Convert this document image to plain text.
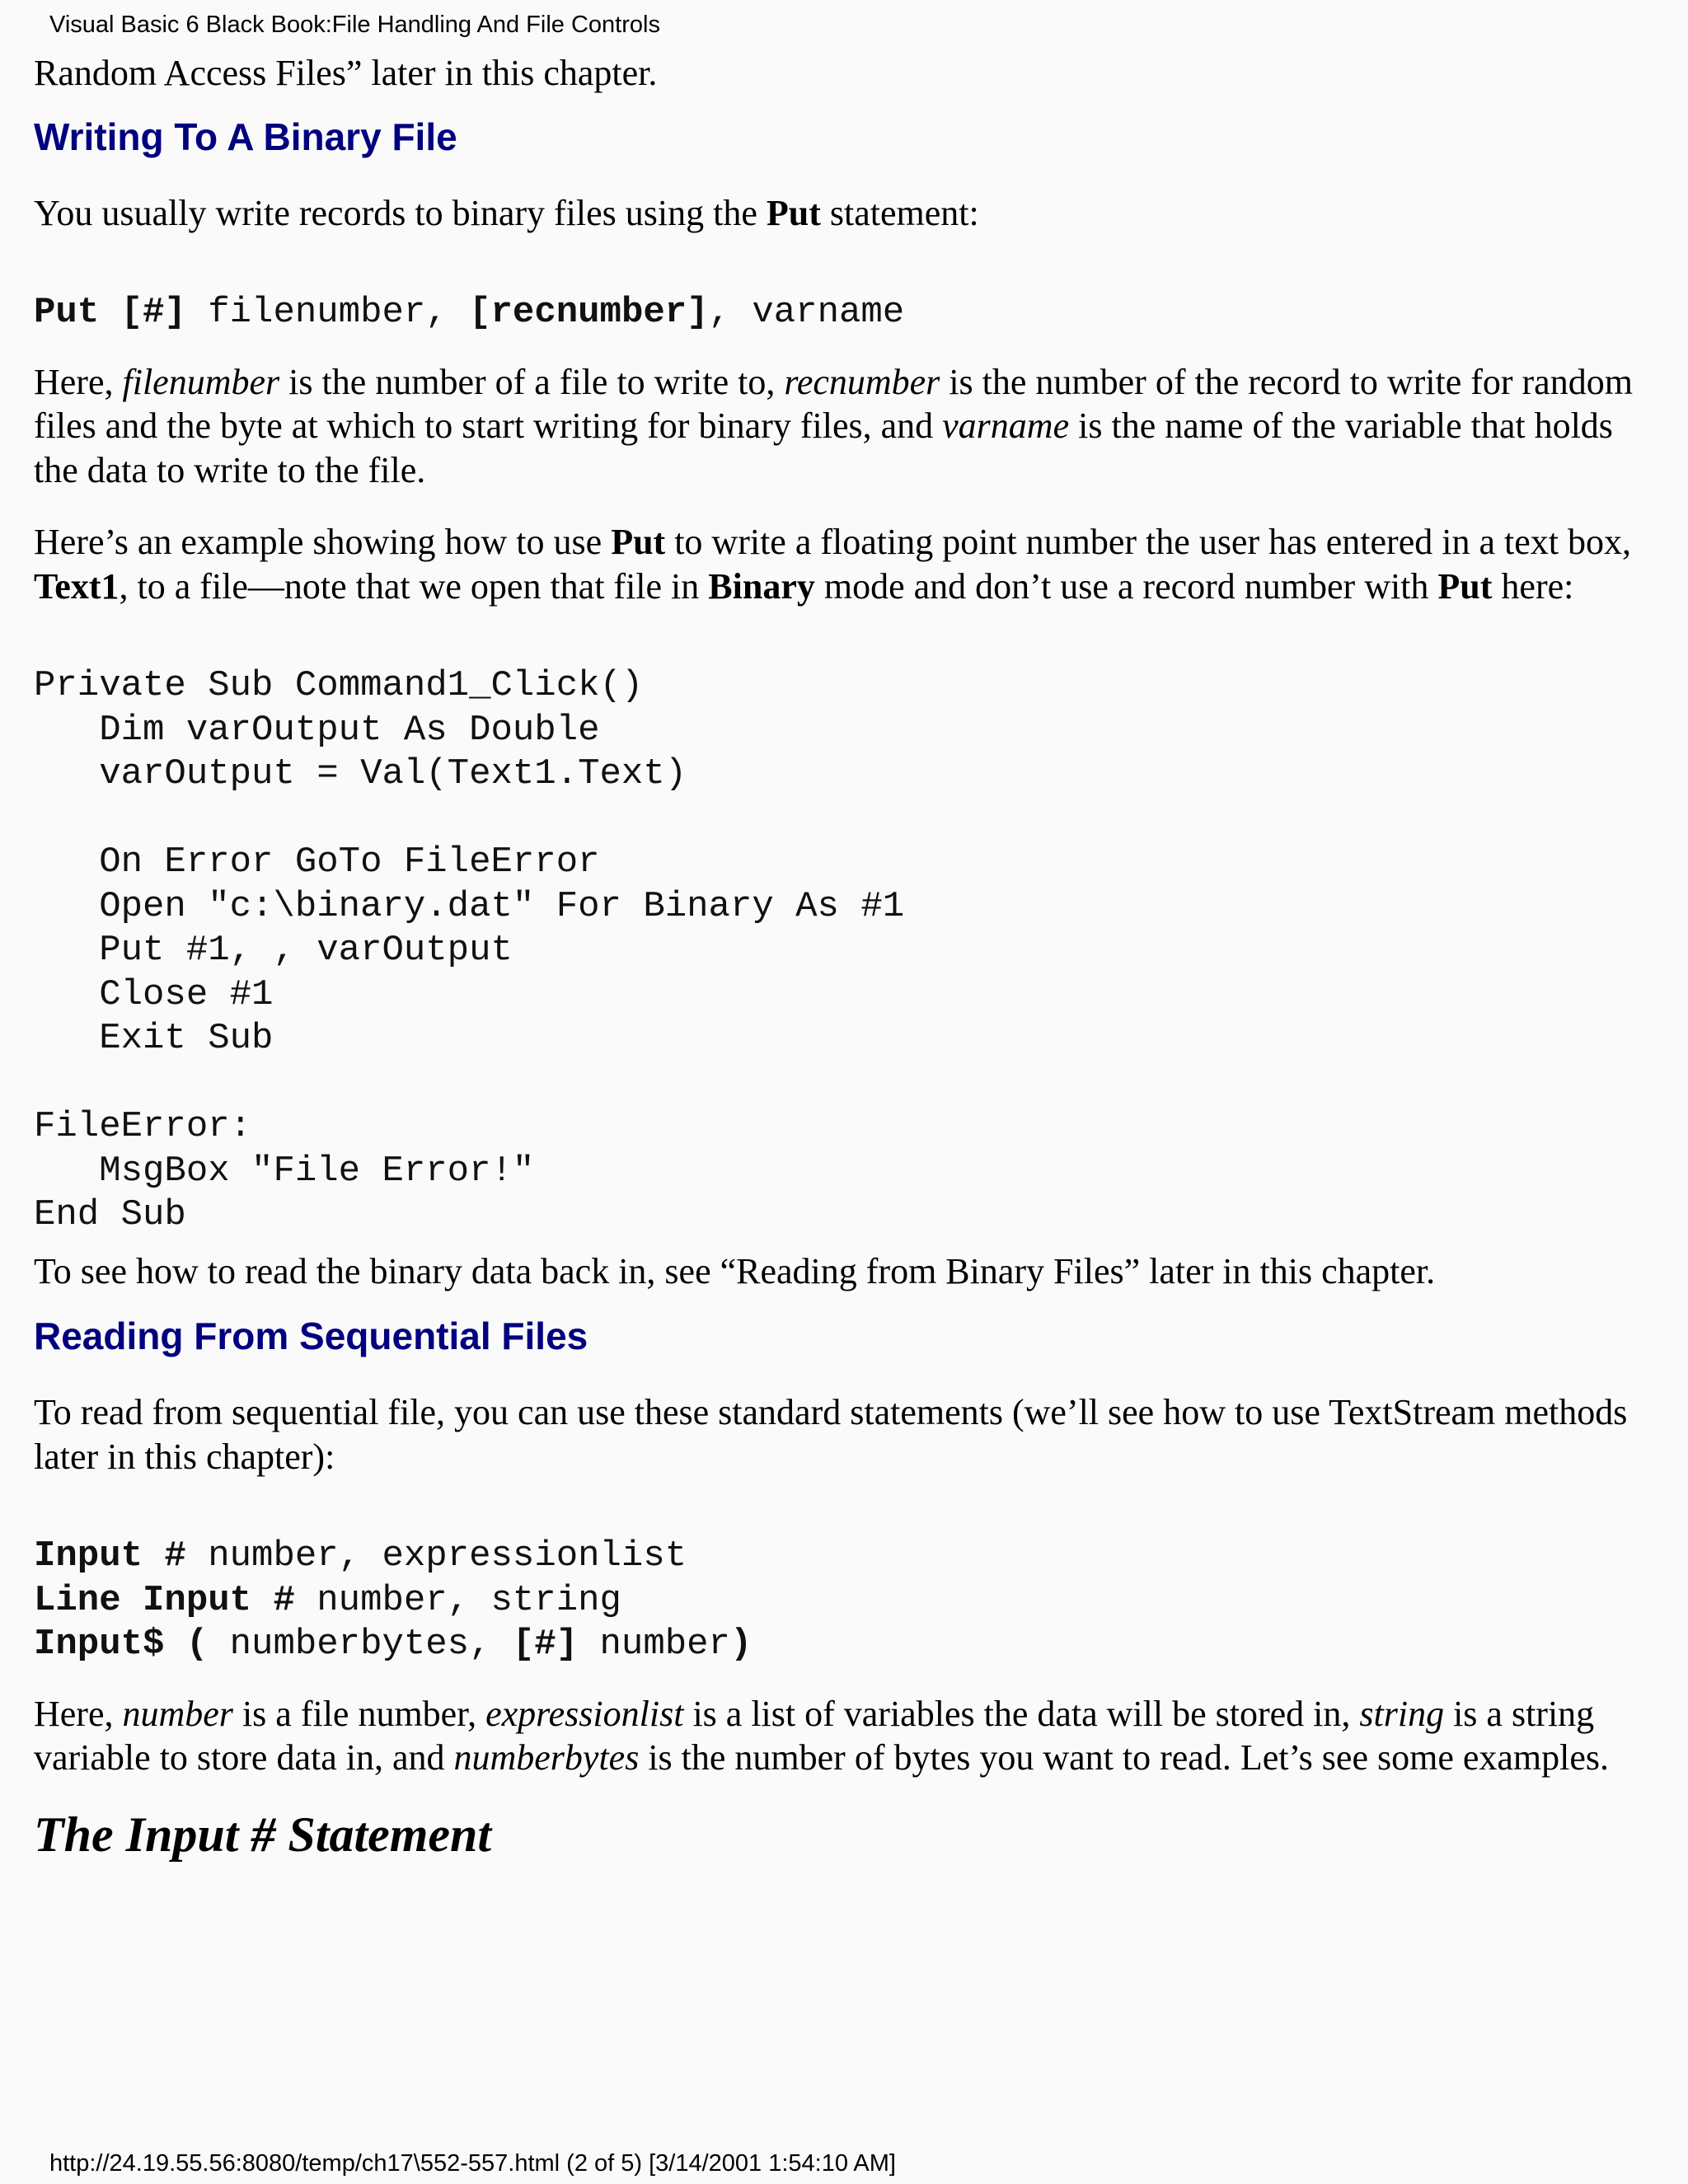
Visual Basic 6 Black Book:File Handling And File Controls

Random Access Files” later in this chapter.

Writing To A Binary File

You usually write records to binary files using the Put statement:

Put [#] filenumber, [recnumber], varname

Here, filenumber is the number of a file to write to, recnumber is the number of the record to write for random files and the byte at which to start writing for binary files, and varname is the name of the variable that holds the data to write to the file.

Here’s an example showing how to use Put to write a floating point number the user has entered in a text box, Text1, to a file—note that we open that file in Binary mode and don’t use a record number with Put here:

Private Sub Command1_Click()
Dim varOutput As Double
varOutput = Val(Text1.Text)

On Error GoTo FileError
Open "c:\binary.dat" For Binary As #1
Put #1, , varOutput
Close #1
Exit Sub

FileError:
MsgBox "File Error!"
End Sub

To see how to read the binary data back in, see “Reading from Binary Files” later in this chapter.

Reading From Sequential Files

To read from sequential file, you can use these standard statements (we’ll see how to use TextStream methods later in this chapter):

Input # number, expressionlist
Line Input # number, string
Input$ ( numberbytes, [#] number)

Here, number is a file number, expressionlist is a list of variables the data will be stored in, string is a string variable to store data in, and numberbytes is the number of bytes you want to read. Let’s see some examples.

The Input # Statement
http://24.19.55.56:8080/temp/ch17\552-557.html (2 of 5) [3/14/2001 1:54:10 AM]
